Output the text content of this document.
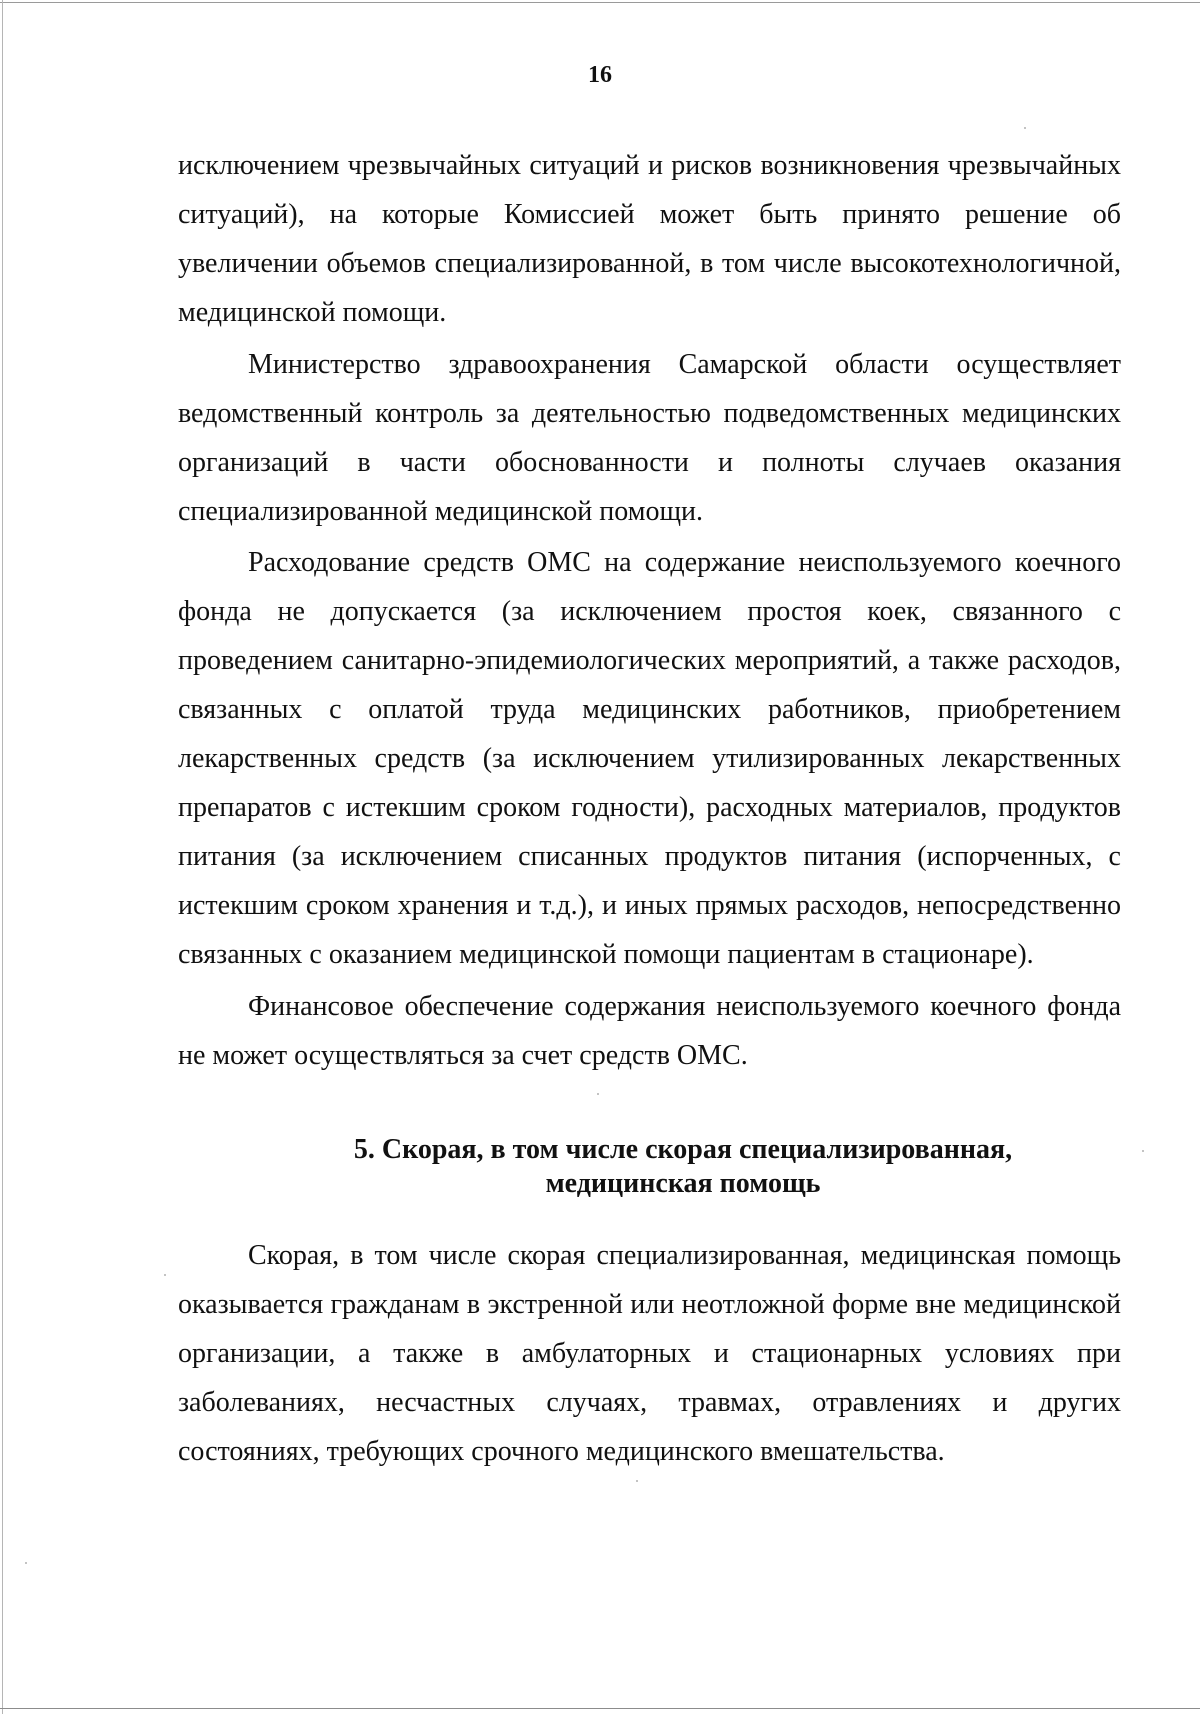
16

исключением чрезвычайных ситуаций и рисков возникновения чрезвычайных ситуаций), на которые Комиссией может быть принято решение об увеличении объемов специализированной, в том числе высокотехнологичной, медицинской помощи.

Министерство здравоохранения Самарской области осуществляет ведомственный контроль за деятельностью подведомственных медицинских организаций в части обоснованности и полноты случаев оказания специализированной медицинской помощи.

Расходование средств ОМС на содержание неиспользуемого коечного фонда не допускается (за исключением простоя коек, связанного с проведением санитарно-эпидемиологических мероприятий, а также расходов, связанных с оплатой труда медицинских работников, приобретением лекарственных средств (за исключением утилизированных лекарственных препаратов с истекшим сроком годности), расходных материалов, продуктов питания (за исключением списанных продуктов питания (испорченных, с истекшим сроком хранения и т.д.), и иных прямых расходов, непосредственно связанных с оказанием медицинской помощи пациентам в стационаре).

Финансовое обеспечение содержания неиспользуемого коечного фонда не может осуществляться за счет средств ОМС.

5. Скорая, в том числе скорая специализированная,
медицинская помощь

Скорая, в том числе скорая специализированная, медицинская помощь оказывается гражданам в экстренной или неотложной форме вне медицинской организации, а также в амбулаторных и стационарных условиях при заболеваниях, несчастных случаях, травмах, отравлениях и других состояниях, требующих срочного медицинского вмешательства.
